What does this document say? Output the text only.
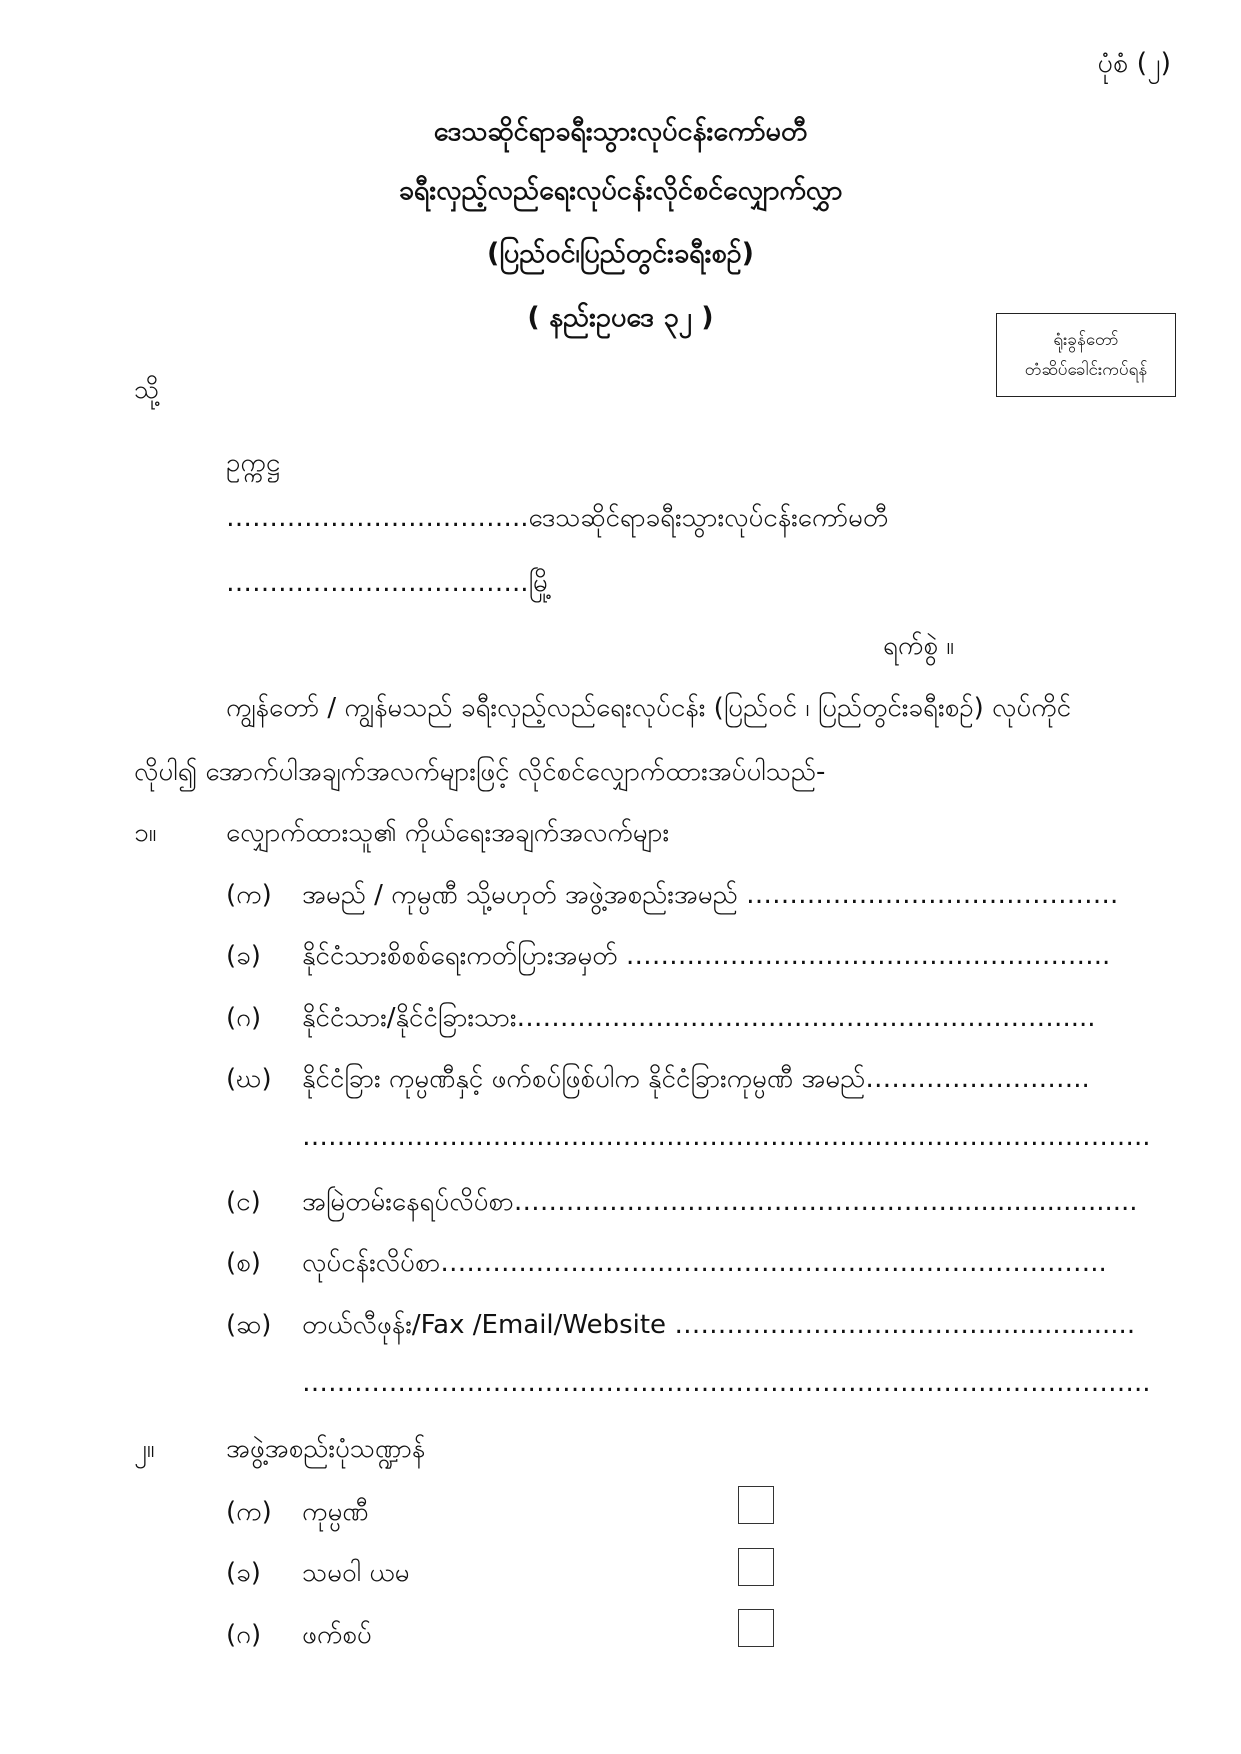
ပုံစံ (၂)
ဒေသဆိုင်ရာခရီးသွားလုပ်ငန်းကော်မတီ
ခရီးလှည့်လည်ရေးလုပ်ငန်းလိုင်စင်လျှောက်လွှာ
(ပြည်ဝင်၊ပြည်တွင်းခရီးစဉ်)
( နည်းဥပဒေ ၃၂ )
ရုံးခွန်တော်
တံဆိပ်ခေါင်းကပ်ရန်
သို့
ဥက္ကဋ္ဌ
……………………………..ဒေသဆိုင်ရာခရီးသွားလုပ်ငန်းကော်မတီ
……………………………..မြို့
ရက်စွဲ ။
ကျွန်တော် / ကျွန်မသည် ခရီးလှည့်လည်ရေးလုပ်ငန်း (ပြည်ဝင် ၊ ပြည်တွင်းခရီးစဉ်) လုပ်ကိုင်
လိုပါ၍ အောက်ပါအချက်အလက်များဖြင့် လိုင်စင်လျှောက်ထားအပ်ပါသည်-
၁။	လျှောက်ထားသူ၏ ကိုယ်ရေးအချက်အလက်များ
(က) အမည် / ကုမ္ပဏီ သို့မဟုတ် အဖွဲ့အစည်းအမည် …………………………………….
(ခ) နိုင်ငံသားစိစစ်ရေးကတ်ပြားအမှတ် ………………………………………………..
(ဂ) နိုင်ငံသား/နိုင်ငံခြားသား………………………………………………………....
(ဃ) နိုင်ငံခြား ကုမ္ပဏီနှင့် ဖက်စပ်ဖြစ်ပါက နိုင်ငံခြားကုမ္ပဏီ အမည်……………………..
……………………………………………………………………………………..
(င) အမြဲတမ်းနေရပ်လိပ်စာ……………………………………………......................
(စ) လုပ်ငန်းလိပ်စာ…………………………………………………………………..
(ဆ) တယ်လီဖုန်း/Fax /Email/Website ………………………………..................
……………………………………………………………………………………..
၂။	အဖွဲ့အစည်းပုံသဏ္ဍာန်
(က) ကုမ္ပဏီ
(ခ) သမဝါ ယမ
(ဂ) ဖက်စပ်
